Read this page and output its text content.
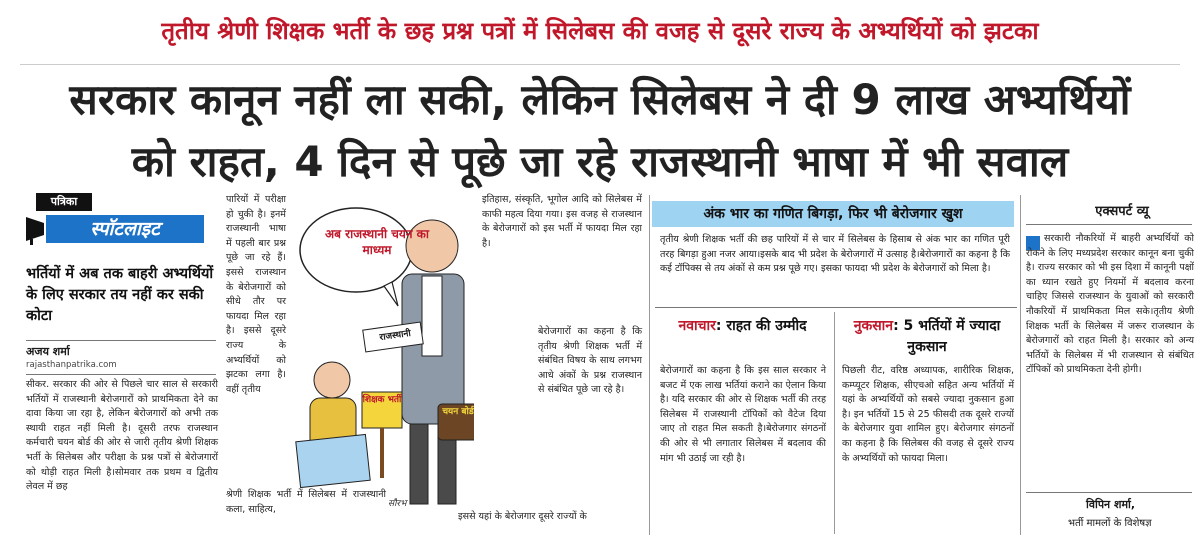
तृतीय श्रेणी शिक्षक भर्ती के छह प्रश्न पत्रों में सिलेबस की वजह से दूसरे राज्य के अभ्यर्थियों को झटका
सरकार कानून नहीं ला सकी, लेकिन सिलेबस ने दी 9 लाख अभ्यर्थियों
को राहत, 4 दिन से पूछे जा रहे राजस्थानी भाषा में भी सवाल
पत्रिका
स्पॉटलाइट
भर्तियों में अब तक बाहरी अभ्यर्थियों के लिए सरकार तय नहीं कर सकी कोटा
अजय शर्मा
rajasthanpatrika.com
सीकर. सरकार की ओर से पिछले चार साल से सरकारी भर्तियों में राजस्थानी बेरोजगारों को प्राथमिकता देने का दावा किया जा रहा है, लेकिन बेरोजगारों को अभी तक स्थायी राहत नहीं मिली है। दूसरी तरफ राजस्थान कर्मचारी चयन बोर्ड की ओर से जारी तृतीय श्रेणी शिक्षक भर्ती के सिलेबस और परीक्षा के प्रश्न पत्रों से बेरोजगारों को थोड़ी राहत मिली है।सोमवार तक प्रथम व द्वितीय लेवल में छह
पारियों में परीक्षा हो चुकी है। इनमें राजस्थानी भाषा में पहली बार प्रश्न पूछे जा रहे हैं। इससे राजस्थान के बेरोजगारों को सीधे तौर पर फायदा मिल रहा है। इससे दूसरे राज्य के अभ्यर्थियों को झटका लगा है। वहीं तृतीय
श्रेणी शिक्षक भर्ती में सिलेबस में राजस्थानी कला, साहित्य,
अब राजस्थानी चयन का माध्यम
राजस्थानी
शिक्षक भर्ती
चयन बोर्ड
सौरभ
इतिहास, संस्कृति, भूगोल आदि को सिलेबस में काफी महत्व दिया गया। इस वजह से राजस्थान के बेरोजगारों को इस भर्ती में फायदा मिल रहा है।
बेरोजगारों का कहना है कि तृतीय श्रेणी शिक्षक भर्ती में संबंधित विषय के साथ लगभग आधे अंकों के प्रश्न राजस्थान से संबंधित पूछे जा रहे है।
इससे यहां के बेरोजगार दूसरे राज्यों के
अंक भार का गणित बिगड़ा, फिर भी बेरोजगार खुश
तृतीय श्रेणी शिक्षक भर्ती की छह पारियों में से चार में सिलेबस के हिसाब से अंक भार का गणित पूरी तरह बिगड़ा हुआ नजर आया।इसके बाद भी प्रदेश के बेरोजगारों में उत्साह है।बेरोजगारों का कहना है कि कई टॉपिक्स से तय अंकों से कम प्रश्न पूछे गए। इसका फायदा भी प्रदेश के बेरोजगारों को मिला है।
नवाचार: राहत की उम्मीद
बेरोजगारों का कहना है कि इस साल सरकार ने बजट में एक लाख भर्तियां कराने का ऐलान किया है। यदि सरकार की ओर से शिक्षक भर्ती की तरह सिलेबस में राजस्थानी टॉपिकों को वैटेज दिया जाए तो राहत मिल सकती है।बेरोजगार संगठनों की ओर से भी लगातार सिलेबस में बदलाव की मांग भी उठाई जा रही है।
नुकसान: 5 भर्तियों में ज्यादा नुकसान
पिछली रीट, वरिष्ठ अध्यापक, शारीरिक शिक्षक, कम्प्यूटर शिक्षक, सीएचओ सहित अन्य भर्तियों में यहां के अभ्यर्थियों को सबसे ज्यादा नुकसान हुआ है। इन भर्तियों 15 से 25 फीसदी तक दूसरे राज्यों के बेरोजगार युवा शामिल हुए। बेरोजगार संगठनों का कहना है कि सिलेबस की वजह से दूसरे राज्य के अभ्यर्थियों को फायदा मिला।
एक्सपर्ट व्यू
सरकारी नौकरियों में बाहरी अभ्यर्थियों को रोकने के लिए मध्यप्रदेश सरकार कानून बना चुकी है। राज्य सरकार को भी इस दिशा में कानूनी पक्षों का ध्यान रखते हुए नियमों में बदलाव करना चाहिए जिससे राजस्थान के युवाओं को सरकारी नौकरियों में प्राथमिकता मिल सके।तृतीय श्रेणी शिक्षक भर्ती के सिलेबस में जरूर राजस्थान के बेरोजगारों को राहत मिली है। सरकार को अन्य भर्तियों के सिलेबस में भी राजस्थान से संबंधित टॉपिकों को प्राथमिकता देनी होगी।
विपिन शर्मा,
भर्ती मामलों के विशेषज्ञ
